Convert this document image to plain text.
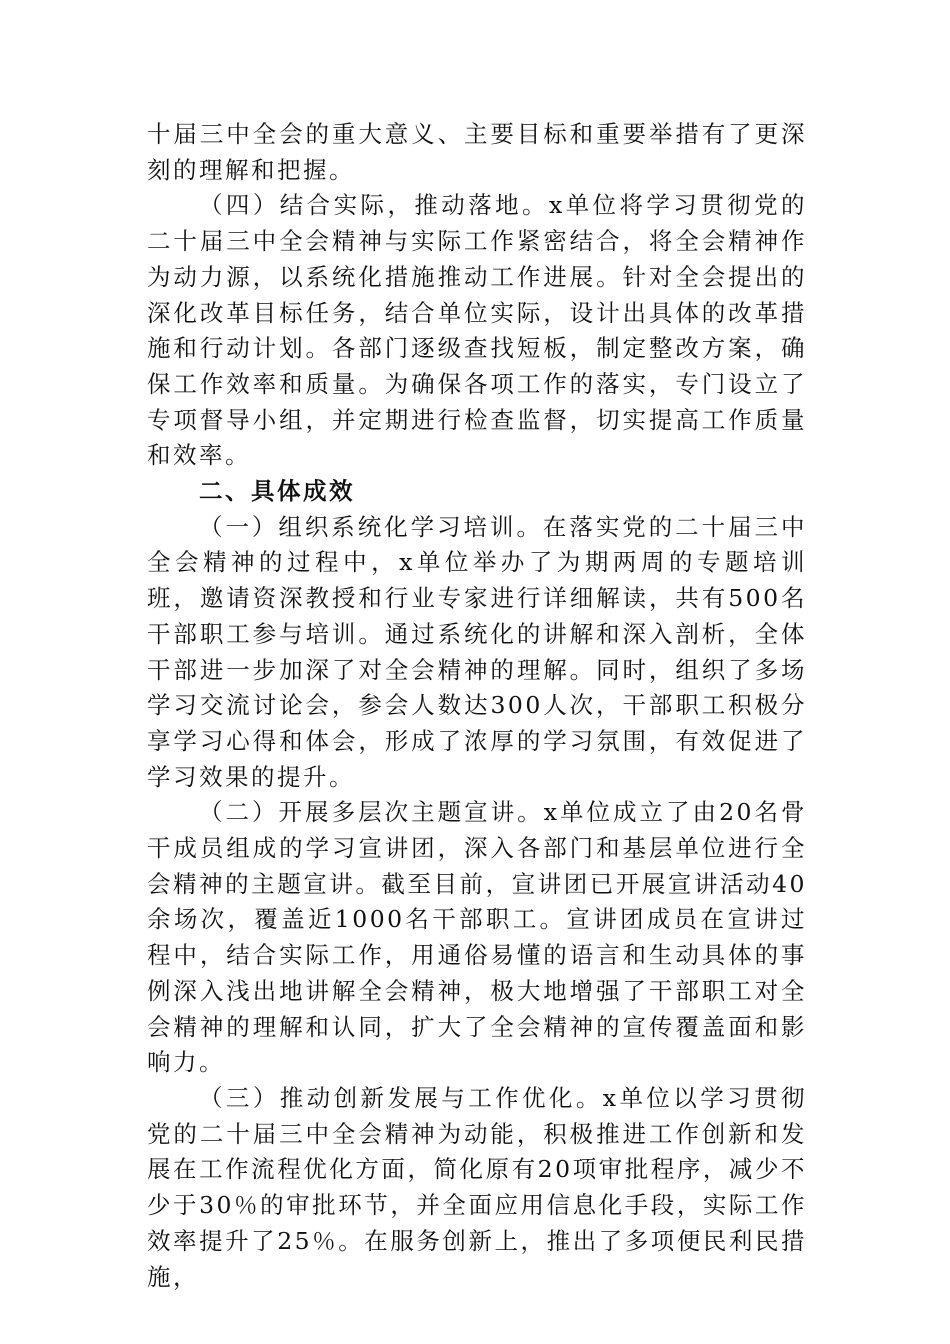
十届三中全会的重大意义、主要目标和重要举措有了更深刻的理解和把握。

（四）结合实际，推动落地。x单位将学习贯彻党的二十届三中全会精神与实际工作紧密结合，将全会精神作为动力源，以系统化措施推动工作进展。针对全会提出的深化改革目标任务，结合单位实际，设计出具体的改革措施和行动计划。各部门逐级查找短板，制定整改方案，确保工作效率和质量。为确保各项工作的落实，专门设立了专项督导小组，并定期进行检查监督，切实提高工作质量和效率。

二、具体成效

（一）组织系统化学习培训。在落实党的二十届三中全会精神的过程中，x单位举办了为期两周的专题培训班，邀请资深教授和行业专家进行详细解读，共有500名干部职工参与培训。通过系统化的讲解和深入剖析，全体干部进一步加深了对全会精神的理解。同时，组织了多场学习交流讨论会，参会人数达300人次，干部职工积极分享学习心得和体会，形成了浓厚的学习氛围，有效促进了学习效果的提升。

（二）开展多层次主题宣讲。x单位成立了由20名骨干成员组成的学习宣讲团，深入各部门和基层单位进行全会精神的主题宣讲。截至目前，宣讲团已开展宣讲活动40余场次，覆盖近1000名干部职工。宣讲团成员在宣讲过程中，结合实际工作，用通俗易懂的语言和生动具体的事例深入浅出地讲解全会精神，极大地增强了干部职工对全会精神的理解和认同，扩大了全会精神的宣传覆盖面和影响力。

（三）推动创新发展与工作优化。x单位以学习贯彻党的二十届三中全会精神为动能，积极推进工作创新和发展在工作流程优化方面，简化原有20项审批程序，减少不少于30％的审批环节，并全面应用信息化手段，实际工作效率提升了25％。在服务创新上，推出了多项便民利民措施，
